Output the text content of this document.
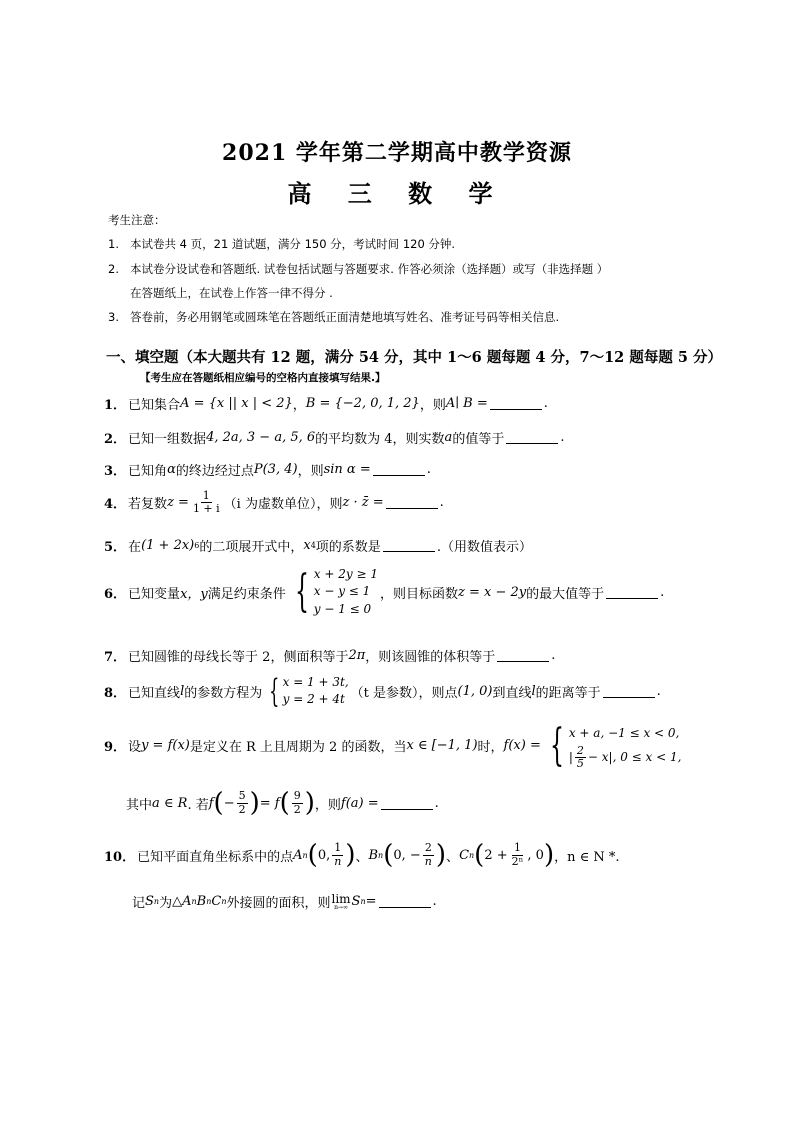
2021 学年第二学期高中教学资源
高 三 数 学
考生注意：
1. 本试卷共 4 页，21 道试题，满分 150 分，考试时间 120 分钟.
2. 本试卷分设试卷和答题纸. 试卷包括试题与答题要求. 作答必须涂（选择题）或写（非选择题 ）
在答题纸上，在试卷上作答一律不得分 .
3. 答卷前，务必用钢笔或圆珠笔在答题纸正面清楚地填写姓名、准考证号码等相关信息.
一、填空题（本大题共有 12 题，满分 54 分，其中 1～6 题每题 4 分，7～12 题每题 5 分）
【考生应在答题纸相应编号的空格内直接填写结果.】
1． 已知集合 A = {x || x | < 2} ， B = {−2, 0, 1, 2} ，则 A∣ B =	.
2． 已知一组数据 4, 2a, 3 − a, 5, 6 的平均数为 4，则实数 a 的值等于	.
3． 已知角 α 的终边经过点 P(3, 4) ，则 sin α =	.
4． 若复数 $z = \frac{1}{1 + i} (i$ 为虚数单位），则 z · z̄ =	.
5． 在 (1 + 2x) 6 的二项展开式中， x 4 项的系数是	.（用数值表示）
6． 已知变量 x，y 满足约束条件 { x + 2y ≥ 1
x − y ≤ 1
y − 1 ≤ 0
，则目标函数 z = x − 2y 的最大值等于	.
7． 已知圆锥的母线长等于 2，侧面积等于 2π ，则该圆锥的体积等于	.
8． 已知直线 l 的参数方程为 { x = 1 + 3t,
y = 2 + 4t （t 是参数），则点 (1, 0) 到直线 l 的距离等于	.
9． 设 y = f(x) 是定义在 R 上且周期为 2 的函数，当 x ∈ [−1, 1) 时， f(x) = { x + a, −1 ≤ x < 0,
| $\frac{2}{5} - x|$, 0 ≤ x < 1,
其中 a ∈ R . 若 f ( − $\frac{5}{2}$ ) = f ( $\frac{9}{2}$ ) ，则 f(a) =	.
10． 已知平面直角坐标系中的点 A n ( 0, $\frac{1}{n}$ ) 、 B n ( 0, − $\frac{2}{n}$ ) 、 C n ( $2 + \frac{1}{\text{2ⁿ}}$ , 0 ) ，n ∈ N *.
记 S n 为 △A n B n C n 外接圆的面积，则 lim
n→∞ S n =	.
